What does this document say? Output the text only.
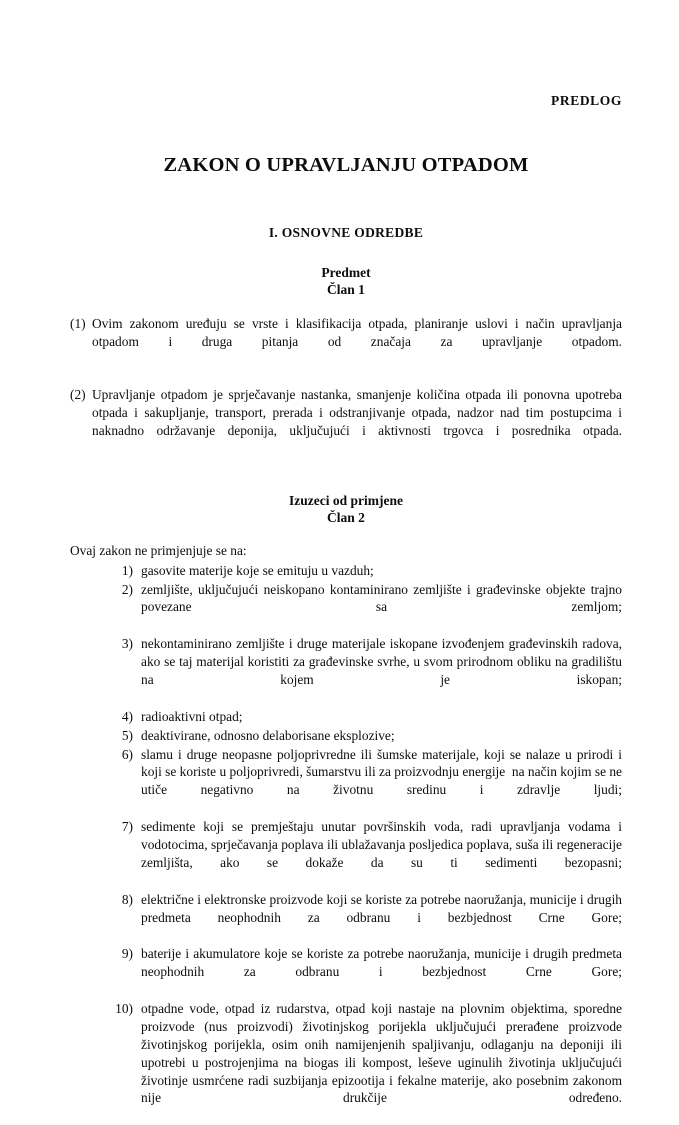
PREDLOG
ZAKON O UPRAVLJANJU OTPADOM
I. OSNOVNE ODREDBE
Predmet
Član 1
(1) Ovim zakonom uređuju se vrste i klasifikacija otpada, planiranje uslovi i način upravljanja otpadom i druga pitanja od značaja za upravljanje otpadom.
(2) Upravljanje otpadom je sprječavanje nastanka, smanjenje količina otpada ili ponovna upotreba otpada i sakupljanje, transport, prerada i odstranjivanje otpada, nadzor nad tim postupcima i naknadno održavanje deponija, uključujući i aktivnosti trgovca i posrednika otpada.
Izuzeci od primjene
Član 2
Ovaj zakon ne primjenjuje se na:
1) gasovite materije koje se emituju u vazduh;
2) zemljište, uključujući neiskopano kontaminirano zemljište i građevinske objekte trajno povezane sa zemljom;
3) nekontaminirano zemljište i druge materijale iskopane izvođenjem građevinskih radova, ako se taj materijal koristiti za građevinske svrhe, u svom prirodnom obliku na gradilištu na kojem je iskopan;
4) radioaktivni otpad;
5) deaktivirane, odnosno delaborisane eksplozive;
6) slamu i druge neopasne poljoprivredne ili šumske materijale, koji se nalaze u prirodi i koji se koriste u poljoprivredi, šumarstvu ili za proizvodnju energije  na način kojim se ne utiče negativno na životnu sredinu i zdravlje ljudi;
7) sedimente koji se premještaju unutar površinskih voda, radi upravljanja vodama i vodotocima, sprječavanja poplava ili ublažavanja posljedica poplava, suša ili regeneracije zemljišta, ako se dokaže da su ti sedimenti bezopasni;
8) električne i elektronske proizvode koji se koriste za potrebe naoružanja, municije i drugih predmeta neophodnih za odbranu i bezbjednost Crne Gore;
9) baterije i akumulatore koje se koriste za potrebe naoružanja, municije i drugih predmeta neophodnih za odbranu i bezbjednost Crne Gore;
10) otpadne vode, otpad iz rudarstva, otpad koji nastaje na plovnim objektima, sporedne proizvode (nus proizvodi) životinjskog porijekla uključujući prerađene proizvode životinjskog porijekla, osim onih namijenjenih spaljivanju, odlaganju na deponiji ili upotrebi u postrojenjima na biogas ili kompost, leševe uginulih životinja uključujući životinje usmrćene radi suzbijanja epizootija i fekalne materije, ako posebnim zakonom nije drukčije određeno.
